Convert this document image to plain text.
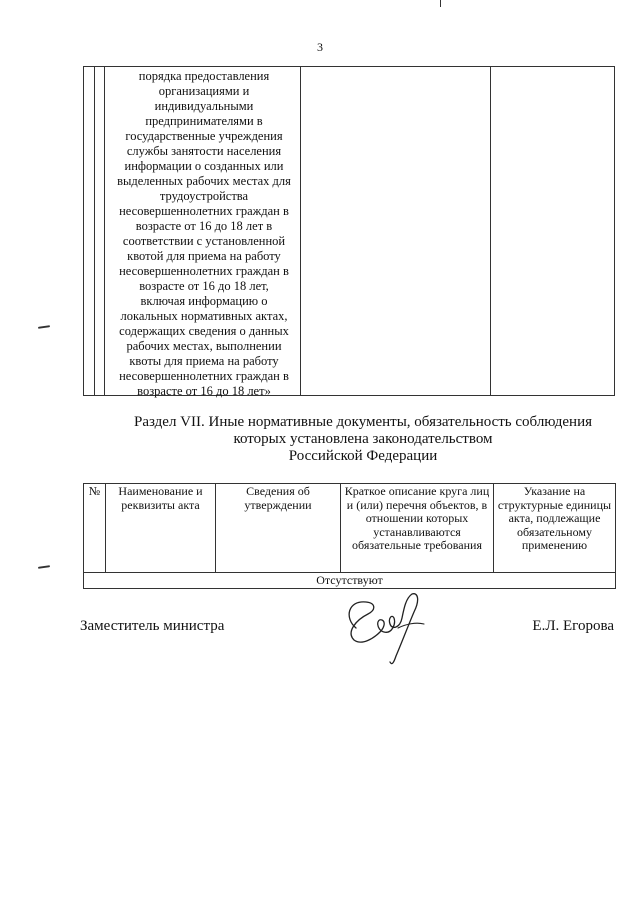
3
порядка предоставления
организациями и
индивидуальными
предпринимателями в
государственные учреждения
службы занятости населения
информации о созданных или
выделенных рабочих местах для
трудоустройства
несовершеннолетних граждан в
возрасте от 16 до 18 лет в
соответствии с установленной
квотой для приема на работу
несовершеннолетних граждан в
возрасте от 16 до 18 лет,
включая информацию о
локальных нормативных актах,
содержащих сведения о данных
рабочих местах, выполнении
квоты для приема на работу
несовершеннолетних граждан в
возрасте от 16 до 18 лет»
Раздел VII. Иные нормативные документы, обязательность соблюдения
которых установлена законодательством
Российской Федерации
№	Наименование и реквизиты акта	Сведения об утверждении	Краткое описание круга лиц и (или) перечня объектов, в отношении которых устанавливаются обязательные требования	Указание на структурные единицы акта, подлежащие обязательному применению
Отсутствуют
Заместитель министра	Е.Л. Егорова
